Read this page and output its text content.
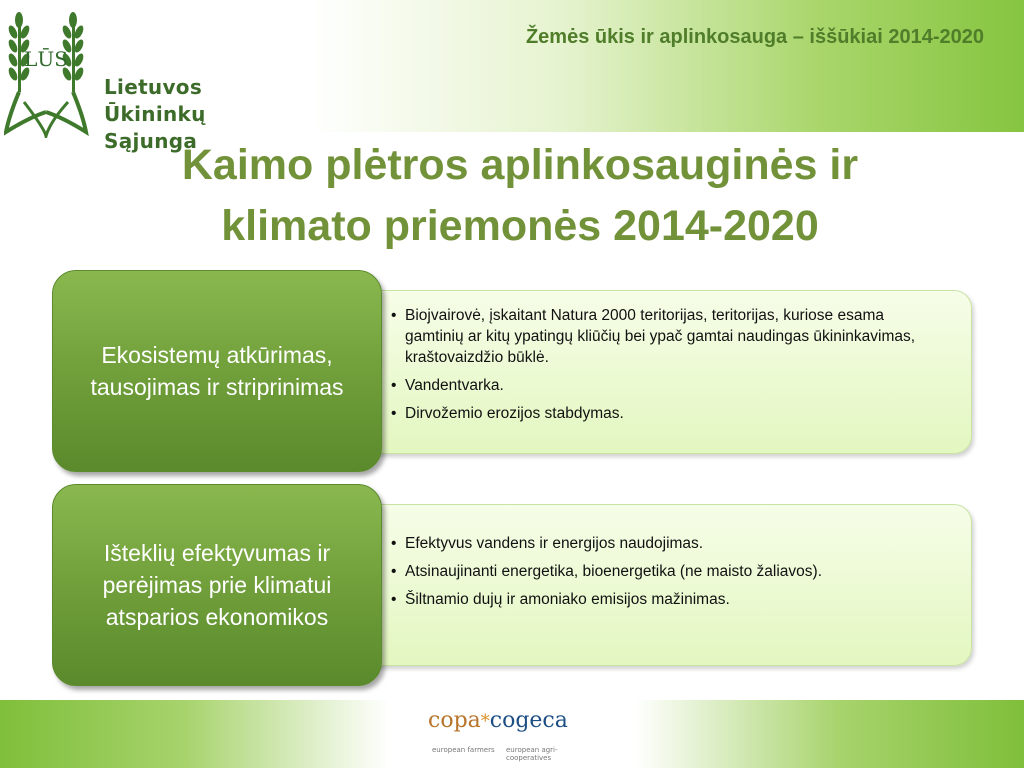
LŪS
Lietuvos
Ūkininkų Sąjunga
Žemės ūkis ir aplinkosauga – iššūkiai 2014-2020
Kaimo plėtros aplinkosauginės ir
klimato priemonės 2014-2020
• Biojvairovė, įskaitant Natura 2000 teritorijas, teritorijas, kuriose esama gamtinių ar kitų ypatingų kliūčių bei ypač gamtai naudingas ūkininkavimas, kraštovaizdžio būklė.
• Vandentvarka.
• Dirvožemio erozijos stabdymas.
Ekosistemų atkūrimas, tausojimas ir striprinimas
• Efektyvus vandens ir energijos naudojimas.
• Atsinaujinanti energetika, bioenergetika (ne maisto žaliavos).
• Šiltnamio dujų ir amoniako emisijos mažinimas.
Išteklių efektyvumas ir perėjimas prie klimatui atsparios ekonomikos
copa*cogeca
european farmers european agri-cooperatives
